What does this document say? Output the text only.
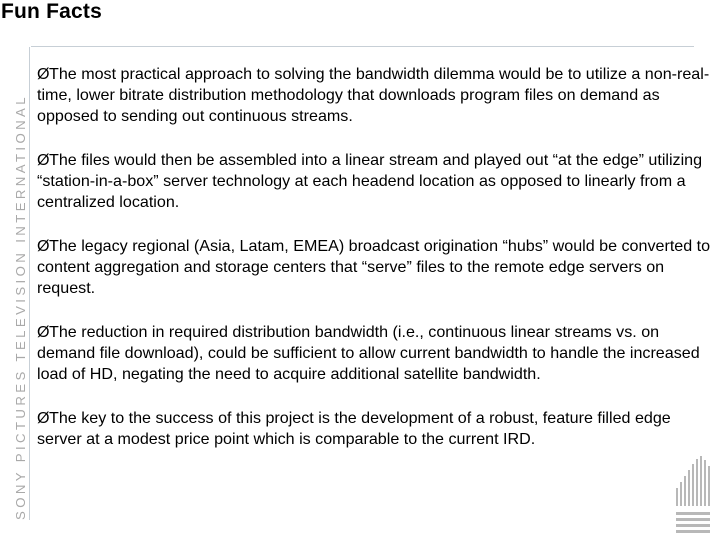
Fun Facts
SONY PICTURES TELEVISION INTERNATIONAL

ØThe most practical approach to solving the bandwidth dilemma would be to utilize a non-real-time, lower bitrate distribution methodology that downloads program files on demand as opposed to sending out continuous streams.

ØThe files would then be assembled into a linear stream and played out “at the edge” utilizing “station-in-a-box” server technology at each headend location as opposed to linearly from a centralized location.

ØThe legacy regional (Asia, Latam, EMEA) broadcast origination “hubs” would be converted to content aggregation and storage centers that “serve” files to the remote edge servers on request.

ØThe reduction in required distribution bandwidth (i.e., continuous linear streams vs. on demand file download), could be sufficient to allow current bandwidth to handle the increased load of HD, negating the need to acquire additional satellite bandwidth.

ØThe key to the success of this project is the development of a robust, feature filled edge server at a modest price point which is comparable to the current IRD.
